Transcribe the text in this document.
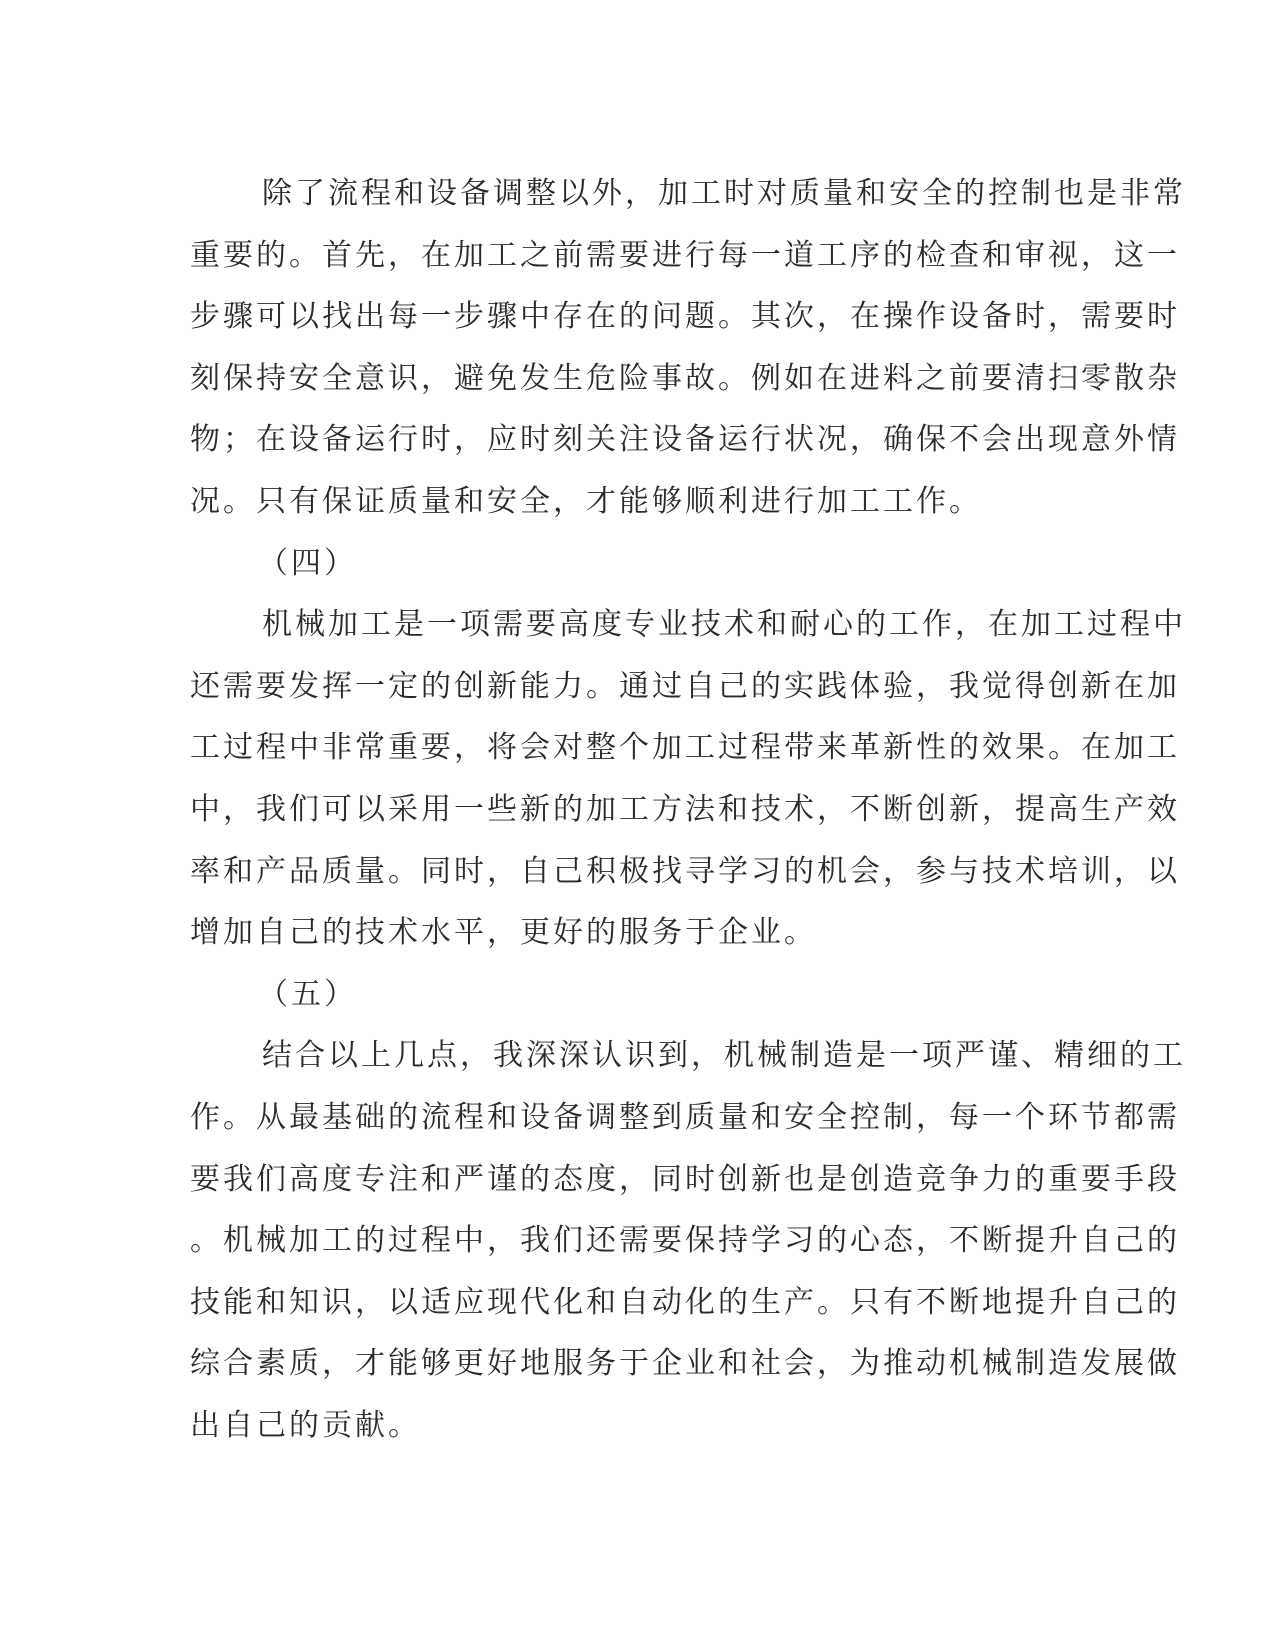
除了流程和设备调整以外，加工时对质量和安全的控制也是非常
重要的。首先，在加工之前需要进行每一道工序的检查和审视，这一
步骤可以找出每一步骤中存在的问题。其次，在操作设备时，需要时
刻保持安全意识，避免发生危险事故。例如在进料之前要清扫零散杂
物；在设备运行时，应时刻关注设备运行状况，确保不会出现意外情
况。只有保证质量和安全，才能够顺利进行加工工作。
（四）
机械加工是一项需要高度专业技术和耐心的工作，在加工过程中
还需要发挥一定的创新能力。通过自己的实践体验，我觉得创新在加
工过程中非常重要，将会对整个加工过程带来革新性的效果。在加工
中，我们可以采用一些新的加工方法和技术，不断创新，提高生产效
率和产品质量。同时，自己积极找寻学习的机会，参与技术培训，以
增加自己的技术水平，更好的服务于企业。
（五）
结合以上几点，我深深认识到，机械制造是一项严谨、精细的工
作。从最基础的流程和设备调整到质量和安全控制，每一个环节都需
要我们高度专注和严谨的态度，同时创新也是创造竞争力的重要手段
。机械加工的过程中，我们还需要保持学习的心态，不断提升自己的
技能和知识，以适应现代化和自动化的生产。只有不断地提升自己的
综合素质，才能够更好地服务于企业和社会，为推动机械制造发展做
出自己的贡献。
